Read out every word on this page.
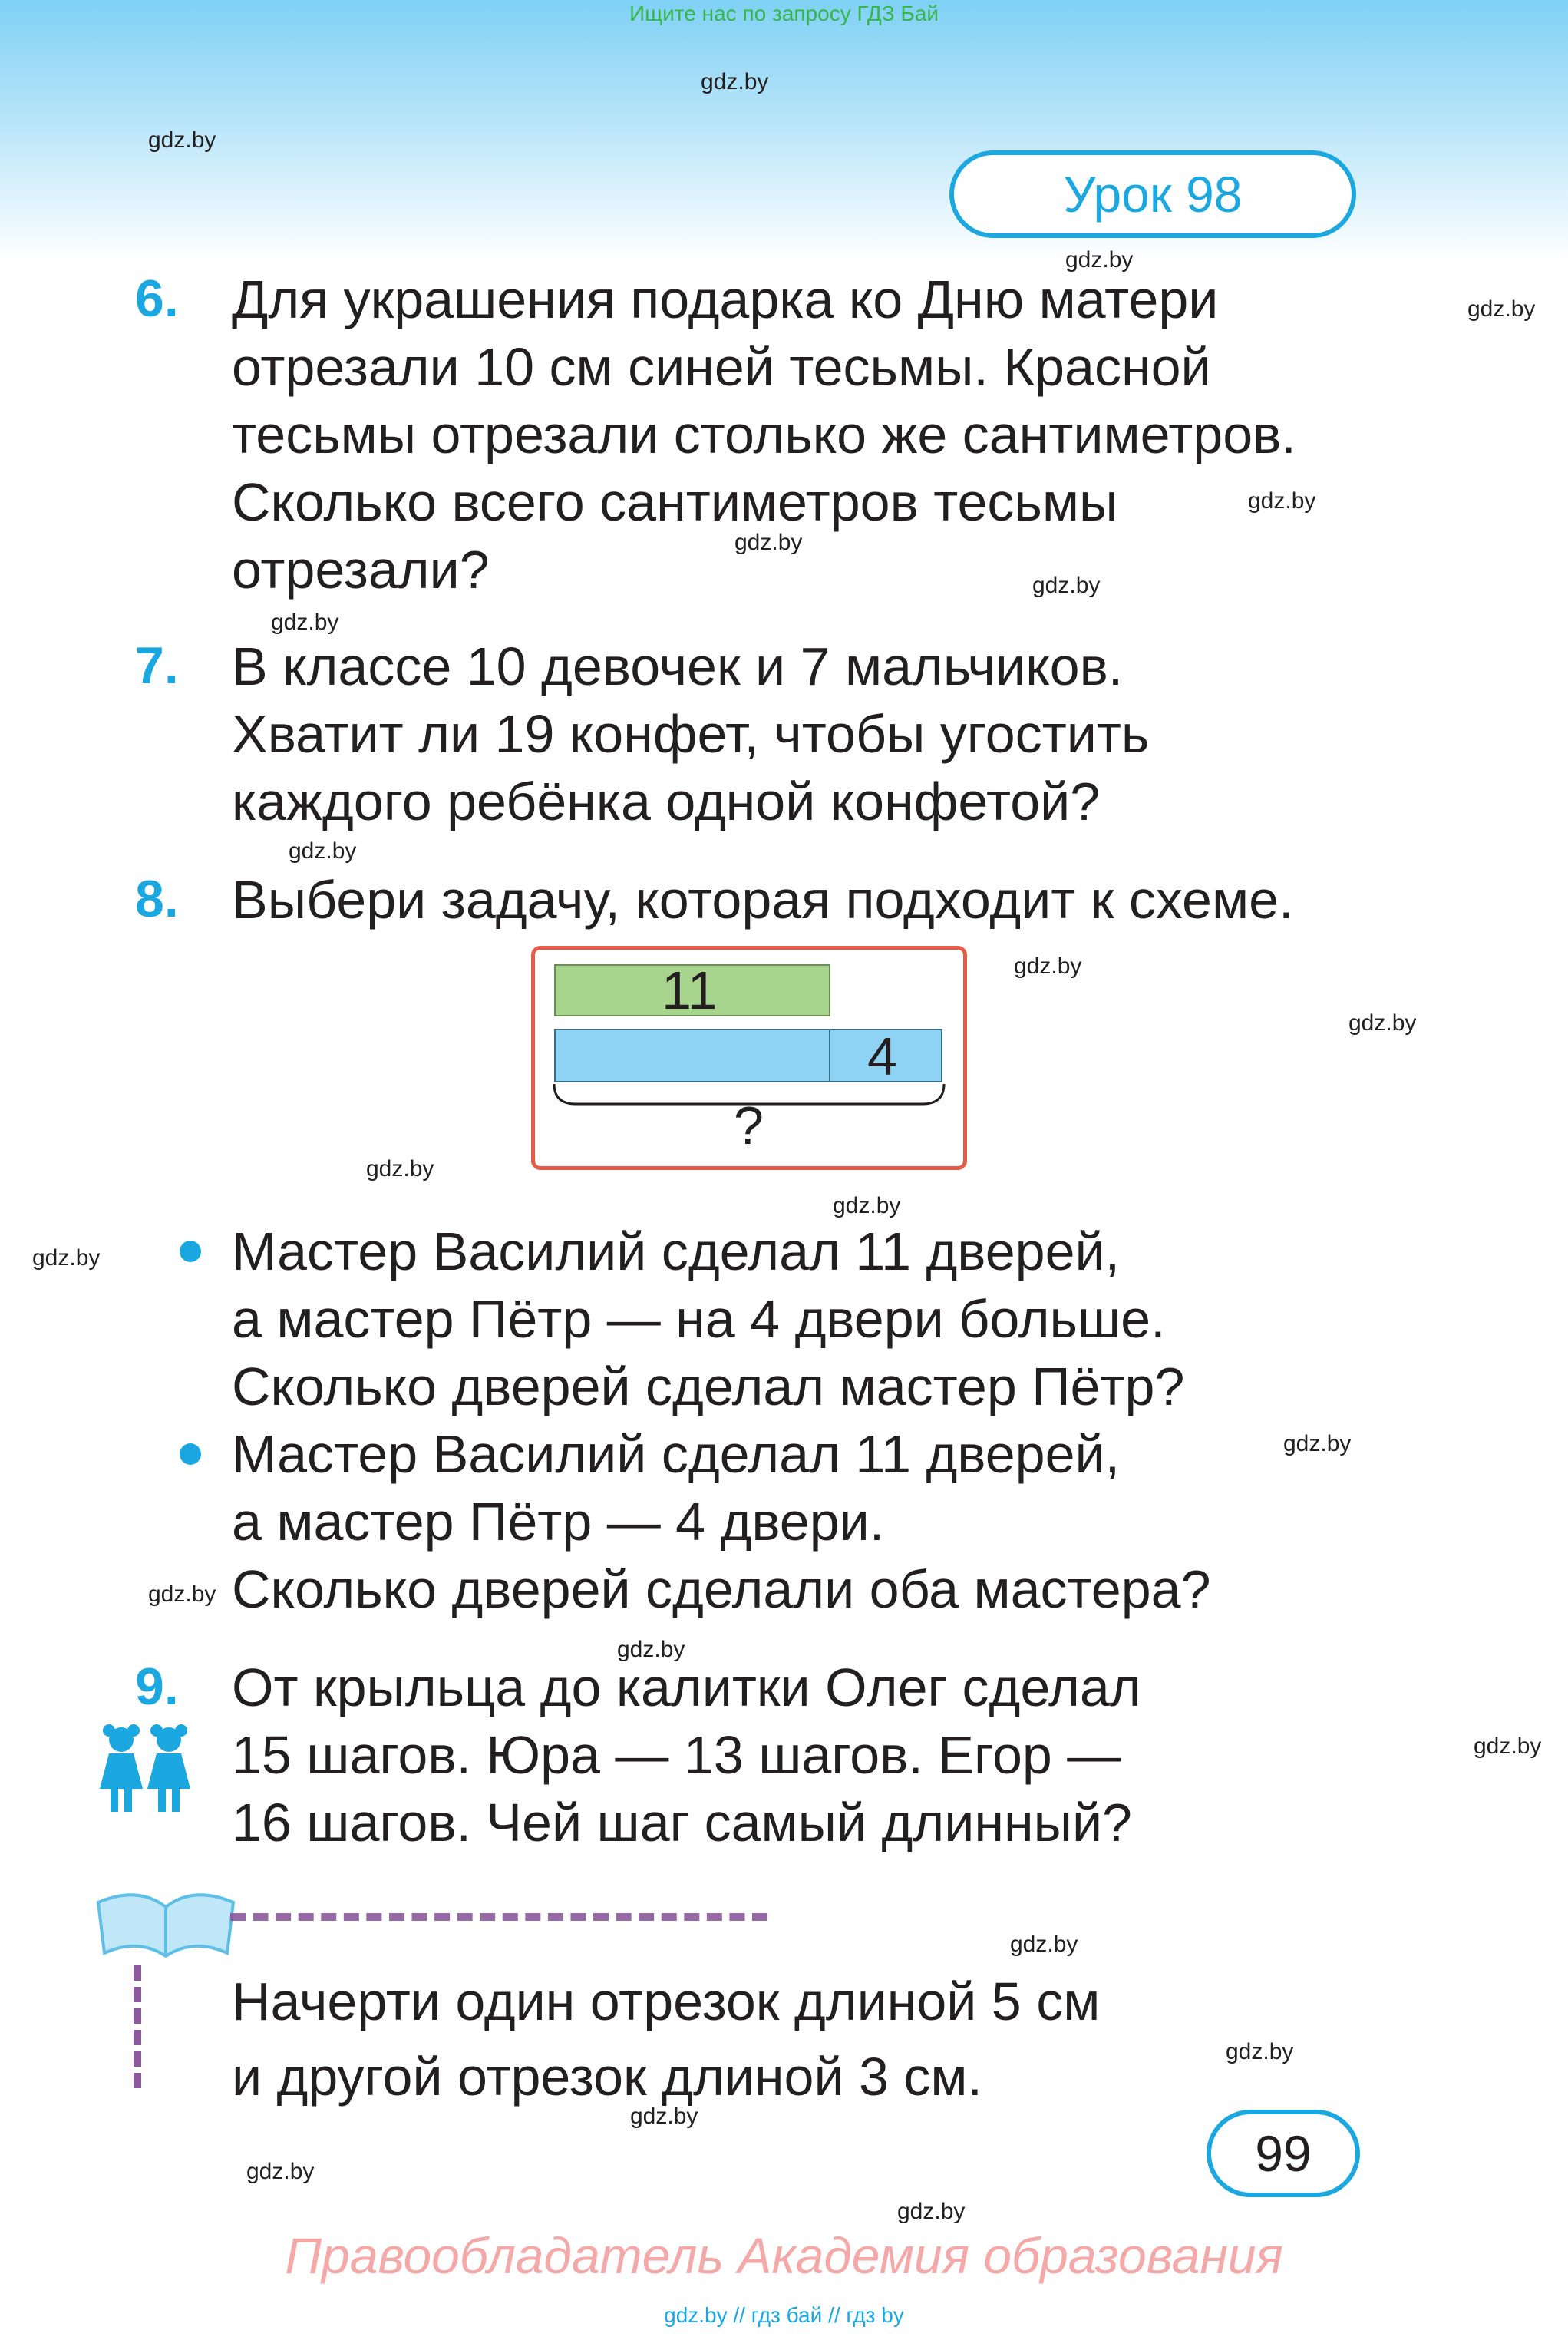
Ищите нас по запросу ГДЗ Бай
gdz.by
gdz.by
gdz.by
gdz.by
gdz.by
gdz.by
gdz.by
gdz.by
gdz.by
gdz.by
gdz.by
gdz.by
gdz.by
gdz.by
gdz.by
gdz.by
gdz.by
gdz.by
gdz.by
gdz.by
gdz.by
gdz.by
gdz.by
Урок 98
6. Для украшения подарка ко Дню матери
отрезали 10 см синей тесьмы. Красной
тесьмы отрезали столько же сантиметров.
Сколько всего сантиметров тесьмы
отрезали?
7. В классе 10 девочек и 7 мальчиков.
Хватит ли 19 конфет, чтобы угостить
каждого ребёнка одной конфетой?
8. Выбери задачу, которая подходит к схеме.
11
4
?
Мастер Василий сделал 11 дверей,
а мастер Пётр — на 4 двери больше.
Сколько дверей сделал мастер Пётр?
Мастер Василий сделал 11 дверей,
а мастер Пётр — 4 двери.
Сколько дверей сделали оба мастера?
9. От крыльца до калитки Олег сделал
15 шагов. Юра — 13 шагов. Егор —
16 шагов. Чей шаг самый длинный?
Начерти один отрезок длиной 5 см
и другой отрезок длиной 3 см.
99
Правообладатель Академия образования
gdz.by // гдз бай // гдз by
